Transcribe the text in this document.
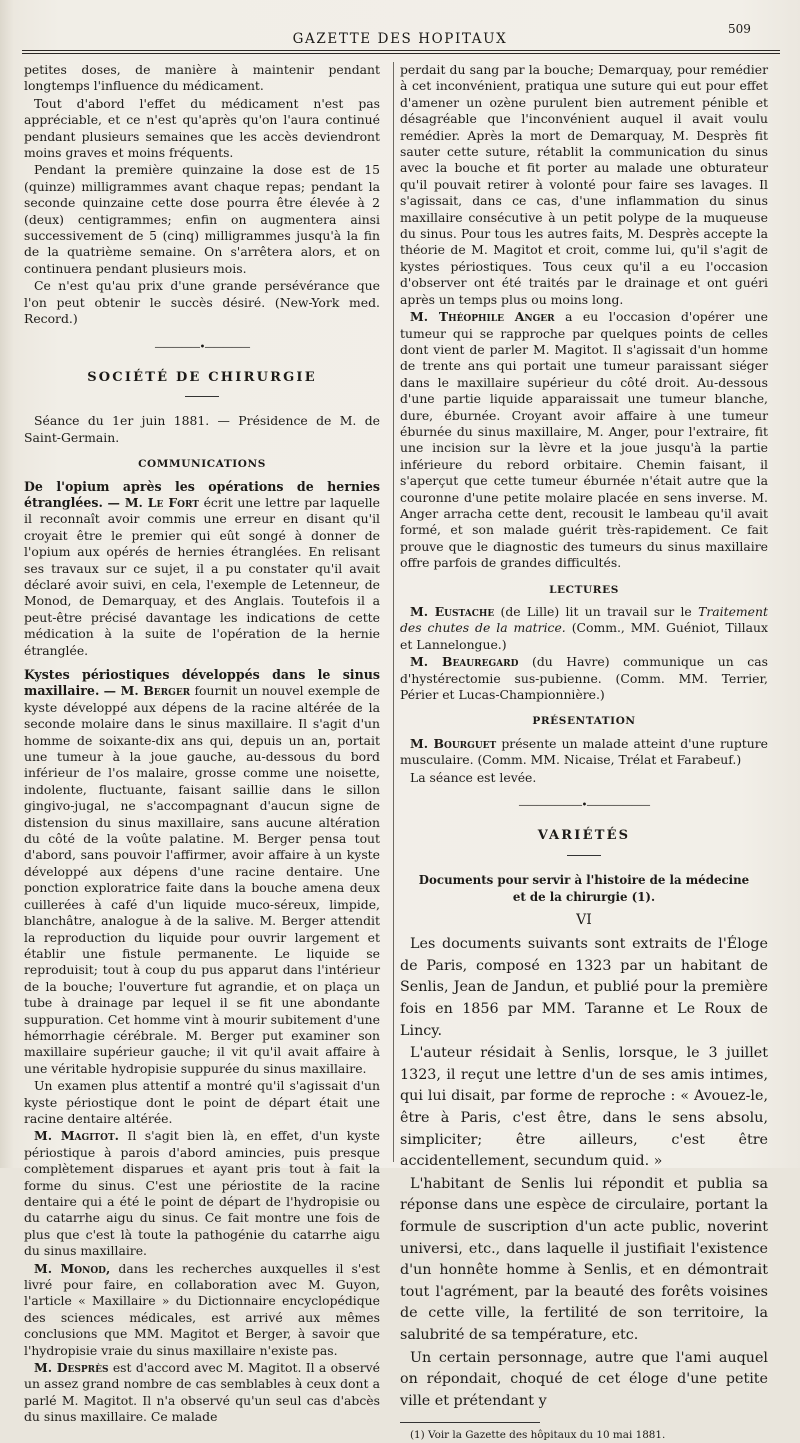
GAZETTE DES HOPITAUX
509

petites doses, de manière à maintenir pendant longtemps l'influence du médicament.

Tout d'abord l'effet du médicament n'est pas appréciable, et ce n'est qu'après qu'on l'aura continué pendant plusieurs semaines que les accès deviendront moins graves et moins fréquents.

Pendant la première quinzaine la dose est de 15 (quinze) milligrammes avant chaque repas; pendant la seconde quinzaine cette dose pourra être élevée à 2 (deux) centigrammes; enfin on augmentera ainsi successivement de 5 (cinq) milligrammes jusqu'à la fin de la quatrième semaine. On s'arrêtera alors, et on continuera pendant plusieurs mois.

Ce n'est qu'au prix d'une grande persévérance que l'on peut obtenir le succès désiré. (New-York med. Record.)

—————•—————
SOCIÉTÉ DE CHIRURGIE

Séance du 1er juin 1881. — Présidence de M. de Saint-Germain.

COMMUNICATIONS

De l'opium après les opérations de hernies étranglées. — M. Le Fort écrit une lettre par laquelle il reconnaît avoir commis une erreur en disant qu'il croyait être le premier qui eût songé à donner de l'opium aux opérés de hernies étranglées. En relisant ses travaux sur ce sujet, il a pu constater qu'il avait déclaré avoir suivi, en cela, l'exemple de Letenneur, de Monod, de Demarquay, et des Anglais. Toutefois il a peut-être précisé davantage les indications de cette médication à la suite de l'opération de la hernie étranglée.

Kystes périostiques développés dans le sinus maxillaire. — M. Berger fournit un nouvel exemple de kyste développé aux dépens de la racine altérée de la seconde molaire dans le sinus maxillaire. Il s'agit d'un homme de soixante-dix ans qui, depuis un an, portait une tumeur à la joue gauche, au-dessous du bord inférieur de l'os malaire, grosse comme une noisette, indolente, fluctuante, faisant saillie dans le sillon gingivo-jugal, ne s'accompagnant d'aucun signe de distension du sinus maxillaire, sans aucune altération du côté de la voûte palatine. M. Berger pensa tout d'abord, sans pouvoir l'affirmer, avoir affaire à un kyste développé aux dépens d'une racine dentaire. Une ponction exploratrice faite dans la bouche amena deux cuillerées à café d'un liquide muco-séreux, limpide, blanchâtre, analogue à de la salive. M. Berger attendit la reproduction du liquide pour ouvrir largement et établir une fistule permanente. Le liquide se reproduisit; tout à coup du pus apparut dans l'intérieur de la bouche; l'ouverture fut agrandie, et on plaça un tube à drainage par lequel il se fit une abondante suppuration. Cet homme vint à mourir subitement d'une hémorrhagie cérébrale. M. Berger put examiner son maxillaire supérieur gauche; il vit qu'il avait affaire à une véritable hydropisie suppurée du sinus maxillaire.

Un examen plus attentif a montré qu'il s'agissait d'un kyste périostique dont le point de départ était une racine dentaire altérée.

M. Magitot. Il s'agit bien là, en effet, d'un kyste périostique à parois d'abord amincies, puis presque complètement disparues et ayant pris tout à fait la forme du sinus. C'est une périostite de la racine dentaire qui a été le point de départ de l'hydropisie ou du catarrhe aigu du sinus. Ce fait montre une fois de plus que c'est là toute la pathogénie du catarrhe aigu du sinus maxillaire.

M. Monod, dans les recherches auxquelles il s'est livré pour faire, en collaboration avec M. Guyon, l'article « Maxillaire » du Dictionnaire encyclopédique des sciences médicales, est arrivé aux mêmes conclusions que MM. Magitot et Berger, à savoir que l'hydropisie vraie du sinus maxillaire n'existe pas.

M. Desprès est d'accord avec M. Magitot. Il a observé un assez grand nombre de cas semblables à ceux dont a parlé M. Magitot. Il n'a observé qu'un seul cas d'abcès du sinus maxillaire. Ce malade

perdait du sang par la bouche; Demarquay, pour remédier à cet inconvénient, pratiqua une suture qui eut pour effet d'amener un ozène purulent bien autrement pénible et désagréable que l'inconvénient auquel il avait voulu remédier. Après la mort de Demarquay, M. Desprès fit sauter cette suture, rétablit la communication du sinus avec la bouche et fit porter au malade une obturateur qu'il pouvait retirer à volonté pour faire ses lavages. Il s'agissait, dans ce cas, d'une inflammation du sinus maxillaire consécutive à un petit polype de la muqueuse du sinus. Pour tous les autres faits, M. Desprès accepte la théorie de M. Magitot et croit, comme lui, qu'il s'agit de kystes périostiques. Tous ceux qu'il a eu l'occasion d'observer ont été traités par le drainage et ont guéri après un temps plus ou moins long.

M. Théophile Anger a eu l'occasion d'opérer une tumeur qui se rapproche par quelques points de celles dont vient de parler M. Magitot. Il s'agissait d'un homme de trente ans qui portait une tumeur paraissant siéger dans le maxillaire supérieur du côté droit. Au-dessous d'une partie liquide apparaissait une tumeur blanche, dure, éburnée. Croyant avoir affaire à une tumeur éburnée du sinus maxillaire, M. Anger, pour l'extraire, fit une incision sur la lèvre et la joue jusqu'à la partie inférieure du rebord orbitaire. Chemin faisant, il s'aperçut que cette tumeur éburnée n'était autre que la couronne d'une petite molaire placée en sens inverse. M. Anger arracha cette dent, recousit le lambeau qu'il avait formé, et son malade guérit très-rapidement. Ce fait prouve que le diagnostic des tumeurs du sinus maxillaire offre parfois de grandes difficultés.

LECTURES

M. Eustache (de Lille) lit un travail sur le Traitement des chutes de la matrice. (Comm., MM. Guéniot, Tillaux et Lannelongue.)

M. Beauregard (du Havre) communique un cas d'hystérectomie sus-pubienne. (Comm. MM. Terrier, Périer et Lucas-Championnière.)

PRÉSENTATION

M. Bourguet présente un malade atteint d'une rupture musculaire. (Comm. MM. Nicaise, Trélat et Farabeuf.)

La séance est levée.

———————•———————
VARIÉTÉS
Documents pour servir à l'histoire de la médecine
et de la chirurgie (1).
VI

Les documents suivants sont extraits de l'Éloge de Paris, composé en 1323 par un habitant de Senlis, Jean de Jandun, et publié pour la première fois en 1856 par MM. Taranne et Le Roux de Lincy.

L'auteur résidait à Senlis, lorsque, le 3 juillet 1323, il reçut une lettre d'un de ses amis intimes, qui lui disait, par forme de reproche : « Avouez-le, être à Paris, c'est être, dans le sens absolu, simpliciter; être ailleurs, c'est être accidentellement, secundum quid. »

L'habitant de Senlis lui répondit et publia sa réponse dans une espèce de circulaire, portant la formule de suscription d'un acte public, noverint universi, etc., dans laquelle il justifiait l'existence d'un honnête homme à Senlis, et en démontrait tout l'agrément, par la beauté des forêts voisines de cette ville, la fertilité de son territoire, la salubrité de sa température, etc.

Un certain personnage, autre que l'ami auquel on répondait, choqué de cet éloge d'une petite ville et prétendant y

(1) Voir la Gazette des hôpitaux du 10 mai 1881.
